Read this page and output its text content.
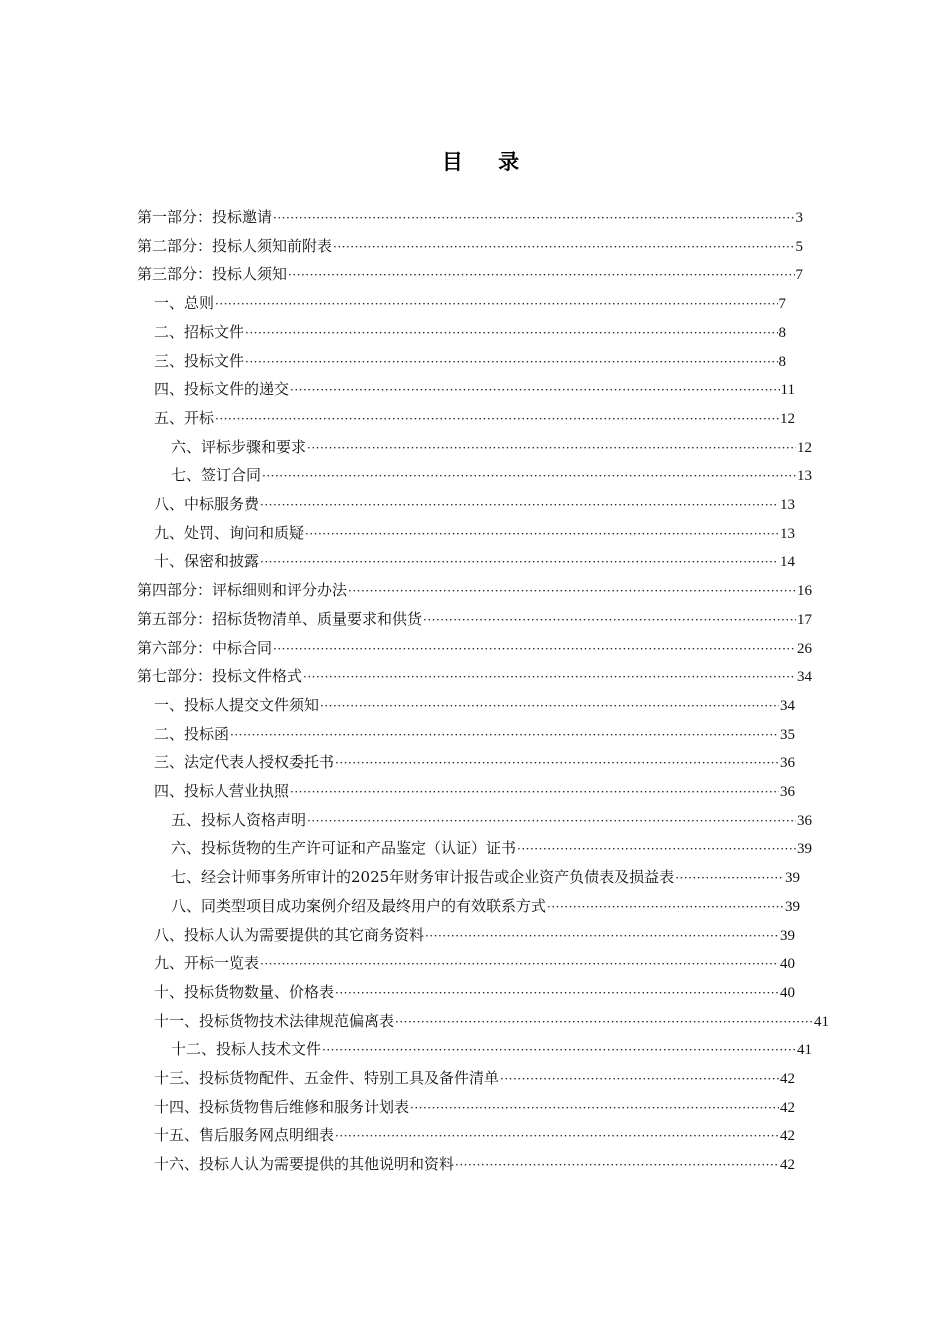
目 录
第一部分：投标邀请 ·····	3
第二部分：投标人须知前附表 ·····	5
第三部分：投标人须知 ·····	7
一、总则 ·····	7
二、招标文件 ·····	8
三、投标文件 ·····	8
四、投标文件的递交 ·····	11
五、开标 ·····	12
六、评标步骤和要求 ·····	12
七、签订合同 ·····	13
八、中标服务费 ·····	13
九、处罚、询问和质疑 ·····	13
十、保密和披露 ·····	14
第四部分：评标细则和评分办法 ·····	16
第五部分：招标货物清单、质量要求和供货 ·····	17
第六部分：中标合同 ·····	26
第七部分：投标文件格式 ·····	34
一、投标人提交文件须知 ·····	34
二、投标函 ·····	35
三、法定代表人授权委托书 ·····	36
四、投标人营业执照 ·····	36
五、投标人资格声明 ·····	36
六、投标货物的生产许可证和产品鉴定（认证）证书 ·····	39
七、经会计师事务所审计的2025年财务审计报告或企业资产负债表及损益表 ·····	39
八、同类型项目成功案例介绍及最终用户的有效联系方式 ·····	39
八、投标人认为需要提供的其它商务资料 ·····	39
九、开标一览表 ·····	40
十、投标货物数量、价格表 ·····	40
十一、投标货物技术法律规范偏离表 ·····	41
十二、投标人技术文件 ·····	41
十三、投标货物配件、五金件、特别工具及备件清单 ·····	42
十四、投标货物售后维修和服务计划表 ·····	42
十五、售后服务网点明细表 ·····	42
十六、投标人认为需要提供的其他说明和资料 ·····	42
